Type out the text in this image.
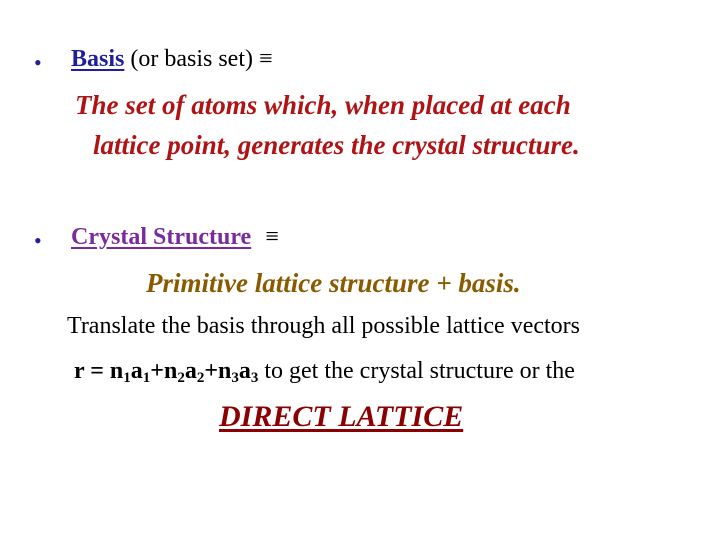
• Basis (or basis set) ≡
The set of atoms which, when placed at each
lattice point, generates the crystal structure.
• Crystal Structure ≡
Primitive lattice structure + basis.
Translate the basis through all possible lattice vectors
$r = n_1a_1+n_2a_2+n_3a_3$ to get the crystal structure or the
DIRECT LATTICE
